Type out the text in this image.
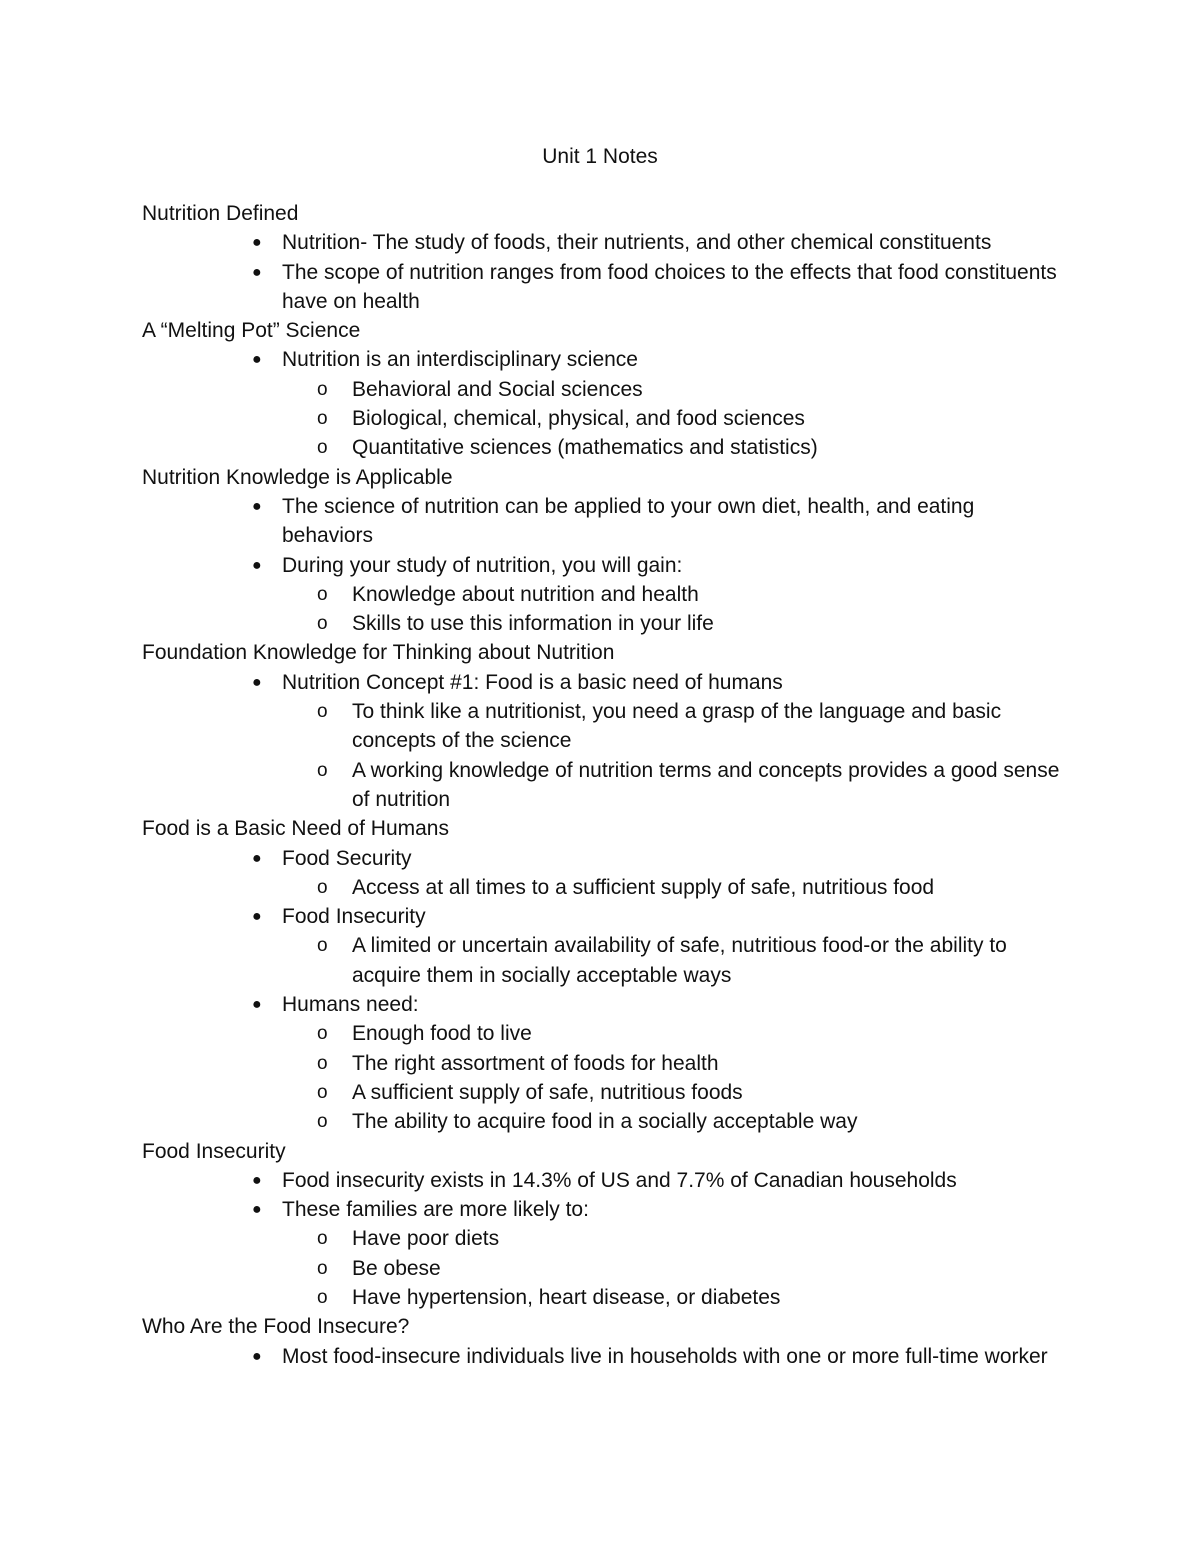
Unit 1 Notes
Nutrition Defined
● Nutrition- The study of foods, their nutrients, and other chemical constituents
● The scope of nutrition ranges from food choices to the effects that food constituents have on health
A “Melting Pot” Science
● Nutrition is an interdisciplinary science
o Behavioral and Social sciences
o Biological, chemical, physical, and food sciences
o Quantitative sciences (mathematics and statistics)
Nutrition Knowledge is Applicable
● The science of nutrition can be applied to your own diet, health, and eating behaviors
● During your study of nutrition, you will gain:
o Knowledge about nutrition and health
o Skills to use this information in your life
Foundation Knowledge for Thinking about Nutrition
● Nutrition Concept #1: Food is a basic need of humans
o To think like a nutritionist, you need a grasp of the language and basic concepts of the science
o A working knowledge of nutrition terms and concepts provides a good sense of nutrition
Food is a Basic Need of Humans
● Food Security
o Access at all times to a sufficient supply of safe, nutritious food
● Food Insecurity
o A limited or uncertain availability of safe, nutritious food-or the ability to acquire them in socially acceptable ways
● Humans need:
o Enough food to live
o The right assortment of foods for health
o A sufficient supply of safe, nutritious foods
o The ability to acquire food in a socially acceptable way
Food Insecurity
● Food insecurity exists in 14.3% of US and 7.7% of Canadian households
● These families are more likely to:
o Have poor diets
o Be obese
o Have hypertension, heart disease, or diabetes
Who Are the Food Insecure?
● Most food-insecure individuals live in households with one or more full-time worker
